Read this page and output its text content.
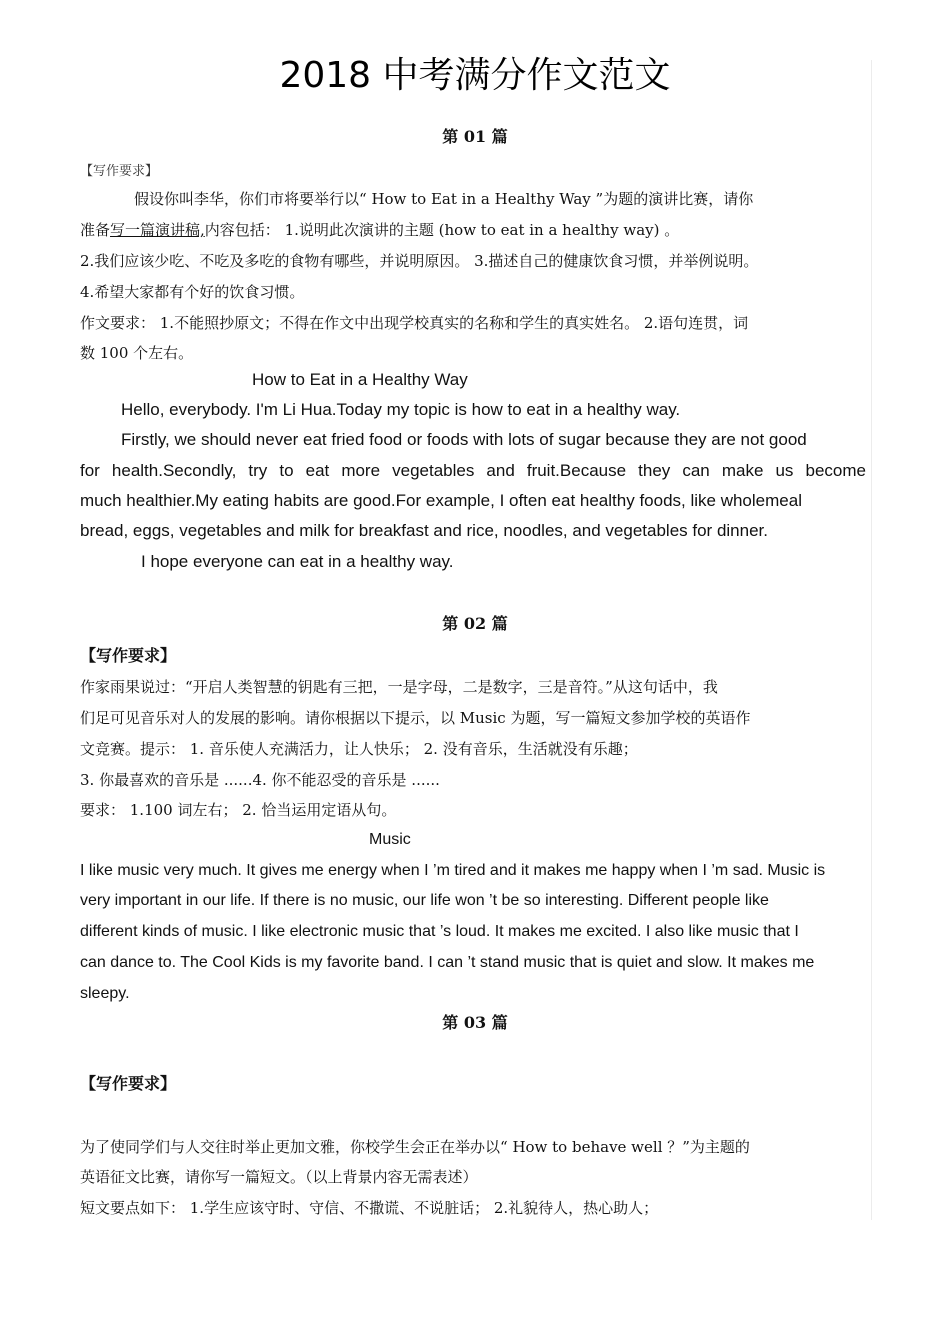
2018 中考满分作文范文
第 01 篇
【写作要求】
假设你叫李华，你们市将要举行以“ How to Eat in a Healthy Way ”为题的演讲比赛，请你
准备写一篇演讲稿,内容包括： 1.说明此次演讲的主题 (how to eat in a healthy way) 。
2.我们应该少吃、不吃及多吃的食物有哪些，并说明原因。 3.描述自己的健康饮食习惯，并举例说明。
4.希望大家都有个好的饮食习惯。
作文要求： 1.不能照抄原文；不得在作文中出现学校真实的名称和学生的真实姓名。 2.语句连贯，词
数 100 个左右。
How to Eat in a Healthy Way
Hello, everybody. I'm Li Hua.Today my topic is how to eat in a healthy way.
Firstly, we should never eat fried food or foods with lots of sugar because they are not good
for health.Secondly, try to eat more vegetables and fruit.Because they can make us become
much healthier.My eating habits are good.For example, I often eat healthy foods, like wholemeal
bread, eggs, vegetables and milk for breakfast and rice, noodles, and vegetables for dinner.
I hope everyone can eat in a healthy way.
第 02 篇
【写作要求】
作家雨果说过：“开启人类智慧的钥匙有三把，一是字母，二是数字，三是音符。”从这句话中，我
们足可见音乐对人的发展的影响。请你根据以下提示，以 Music 为题，写一篇短文参加学校的英语作
文竞赛。提示： 1. 音乐使人充满活力，让人快乐； 2. 没有音乐，生活就没有乐趣；
3. 你最喜欢的音乐是 ......4. 你不能忍受的音乐是 ......
要求： 1.100 词左右； 2. 恰当运用定语从句。
Music
I like music very much. It gives me energy when I ’m tired and it makes me happy when I ’m sad. Music is
very important in our life. If there is no music, our life won ’t be so interesting. Different people like
different kinds of music. I like electronic music that ’s loud. It makes me excited. I also like music that I
can dance to. The Cool Kids is my favorite band. I can ’t stand music that is quiet and slow. It makes me
sleepy.
第 03 篇
【写作要求】
为了使同学们与人交往时举止更加文雅，你校学生会正在举办以“ How to behave well ？”为主题的
英语征文比赛，请你写一篇短文。（以上背景内容无需表述）
短文要点如下： 1.学生应该守时、守信、不撒谎、不说脏话； 2.礼貌待人，热心助人；
